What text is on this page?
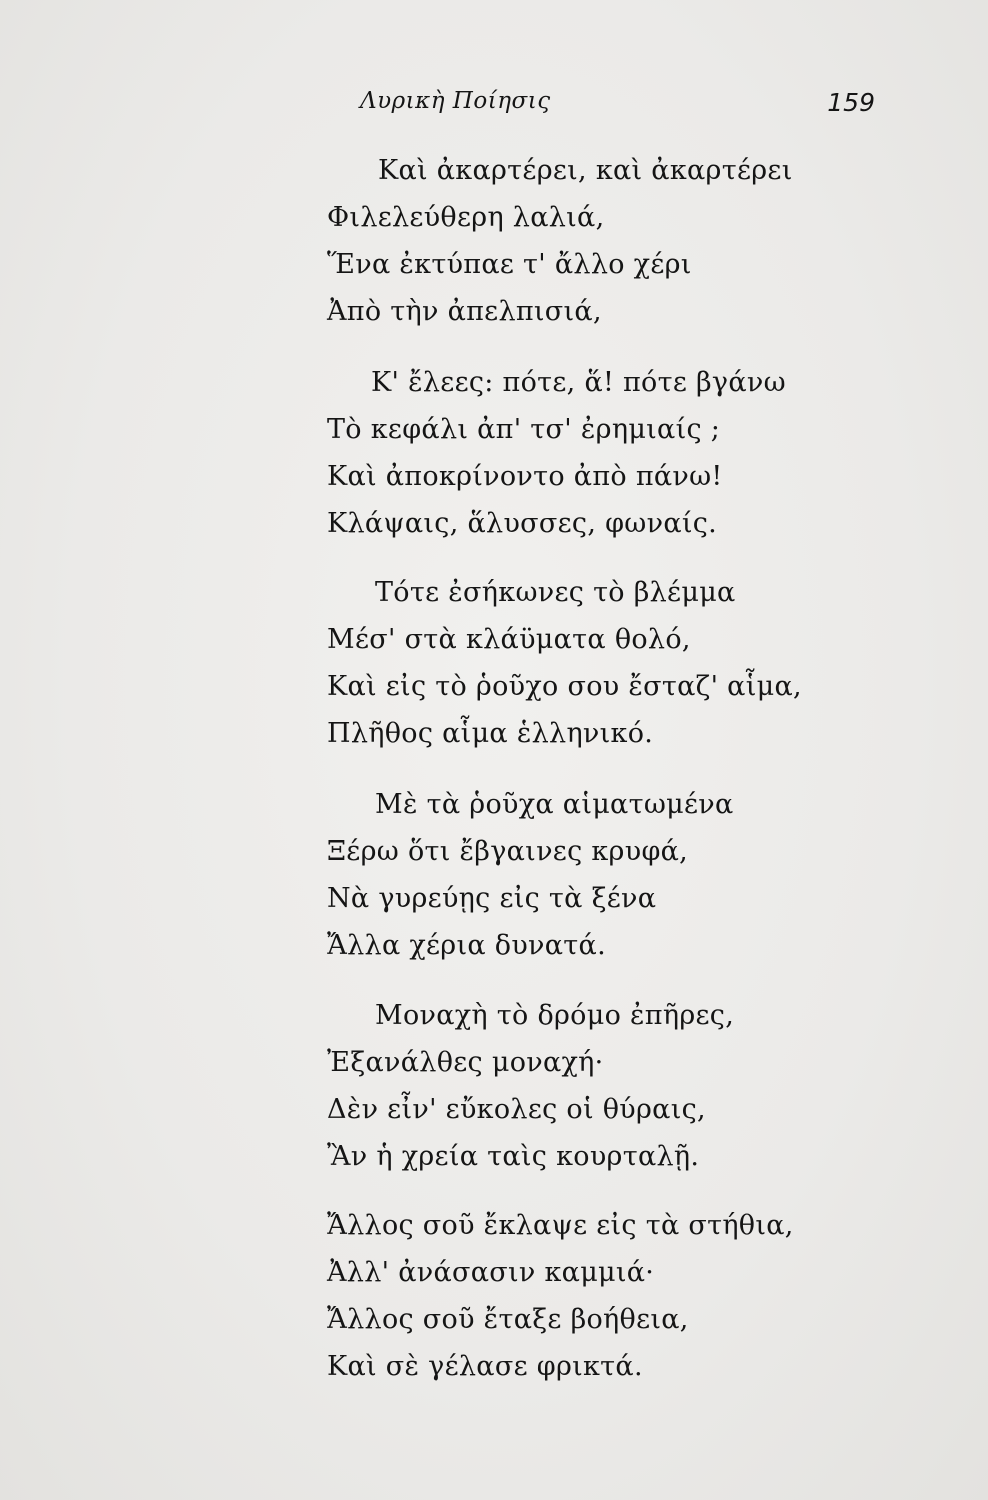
Λυρικὴ Ποίησις	159
Καὶ ἀκαρτέρει, καὶ ἀκαρτέρει
Φιλελεύθερη λαλιά,
Ἕνα ἐκτύπαε τ' ἄλλο χέρι
Ἀπὸ τὴν ἀπελπισιά,
Κ' ἔλεες: πότε, ἅ! πότε βγάνω
Τὸ κεφάλι ἀπ' τσ' ἐρημιαίς ;
Καὶ ἀποκρίνοντο ἀπὸ πάνω!
Κλάψαις, ἅλυσσες, φωναίς.
Τότε ἐσήκωνες τὸ βλέμμα
Μέσ' στὰ κλάϋματα θολό,
Καὶ εἰς τὸ ῥοῦχο σου ἔσταζ' αἷμα,
Πλῆθος αἷμα ἑλληνικό.
Μὲ τὰ ῥοῦχα αἱματωμένα
Ξέρω ὅτι ἔβγαινες κρυφά,
Νὰ γυρεύῃς εἰς τὰ ξένα
Ἄλλα χέρια δυνατά.
Μοναχὴ τὸ δρόμο ἐπῆρες,
Ἐξανάλθες μοναχή·
Δὲν εἶν' εὔκολες οἱ θύραις,
Ἂν ἡ χρεία ταὶς κουρταλῇ.
Ἄλλος σοῦ ἔκλαψε εἰς τὰ στήθια,
Ἀλλ' ἀνάσασιν καμμιά·
Ἄλλος σοῦ ἔταξε βοήθεια,
Καὶ σὲ γέλασε φρικτά.
